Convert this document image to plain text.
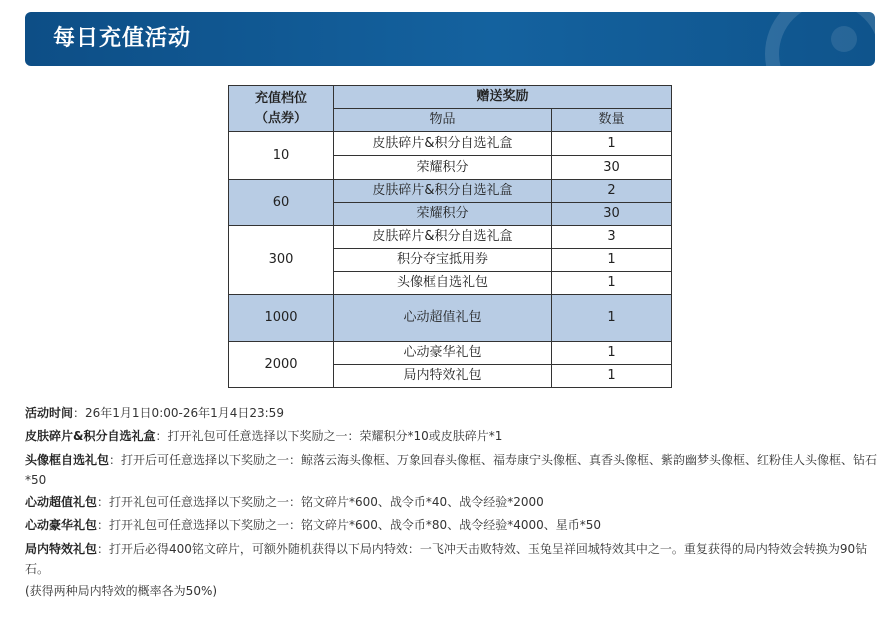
每日充值活动
充值档位
（点券）	赠送奖励	
	物品	数量
10	皮肤碎片&积分自选礼盒	1
	荣耀积分	30
60	皮肤碎片&积分自选礼盒	2
	荣耀积分	30
300	皮肤碎片&积分自选礼盒	3
	积分夺宝抵用券	1
	头像框自选礼包	1
1000	心动超值礼包	1
2000	心动豪华礼包	1
	局内特效礼包	1

活动时间：26年1月1日0:00-26年1月4日23:59

皮肤碎片&积分自选礼盒：打开礼包可任意选择以下奖励之一：荣耀积分*10或皮肤碎片*1

头像框自选礼包：打开后可任意选择以下奖励之一：鲸落云海头像框、万象回春头像框、福寿康宁头像框、真香头像框、紫韵幽梦头像框、红粉佳人头像框、钻石*50

心动超值礼包：打开礼包可任意选择以下奖励之一：铭文碎片*600、战令币*40、战令经验*2000

心动豪华礼包：打开礼包可任意选择以下奖励之一：铭文碎片*600、战令币*80、战令经验*4000、星币*50

局内特效礼包：打开后必得400铭文碎片，可额外随机获得以下局内特效：一飞冲天击败特效、玉兔呈祥回城特效其中之一。重复获得的局内特效会转换为90钻石。

(获得两种局内特效的概率各为50%)
